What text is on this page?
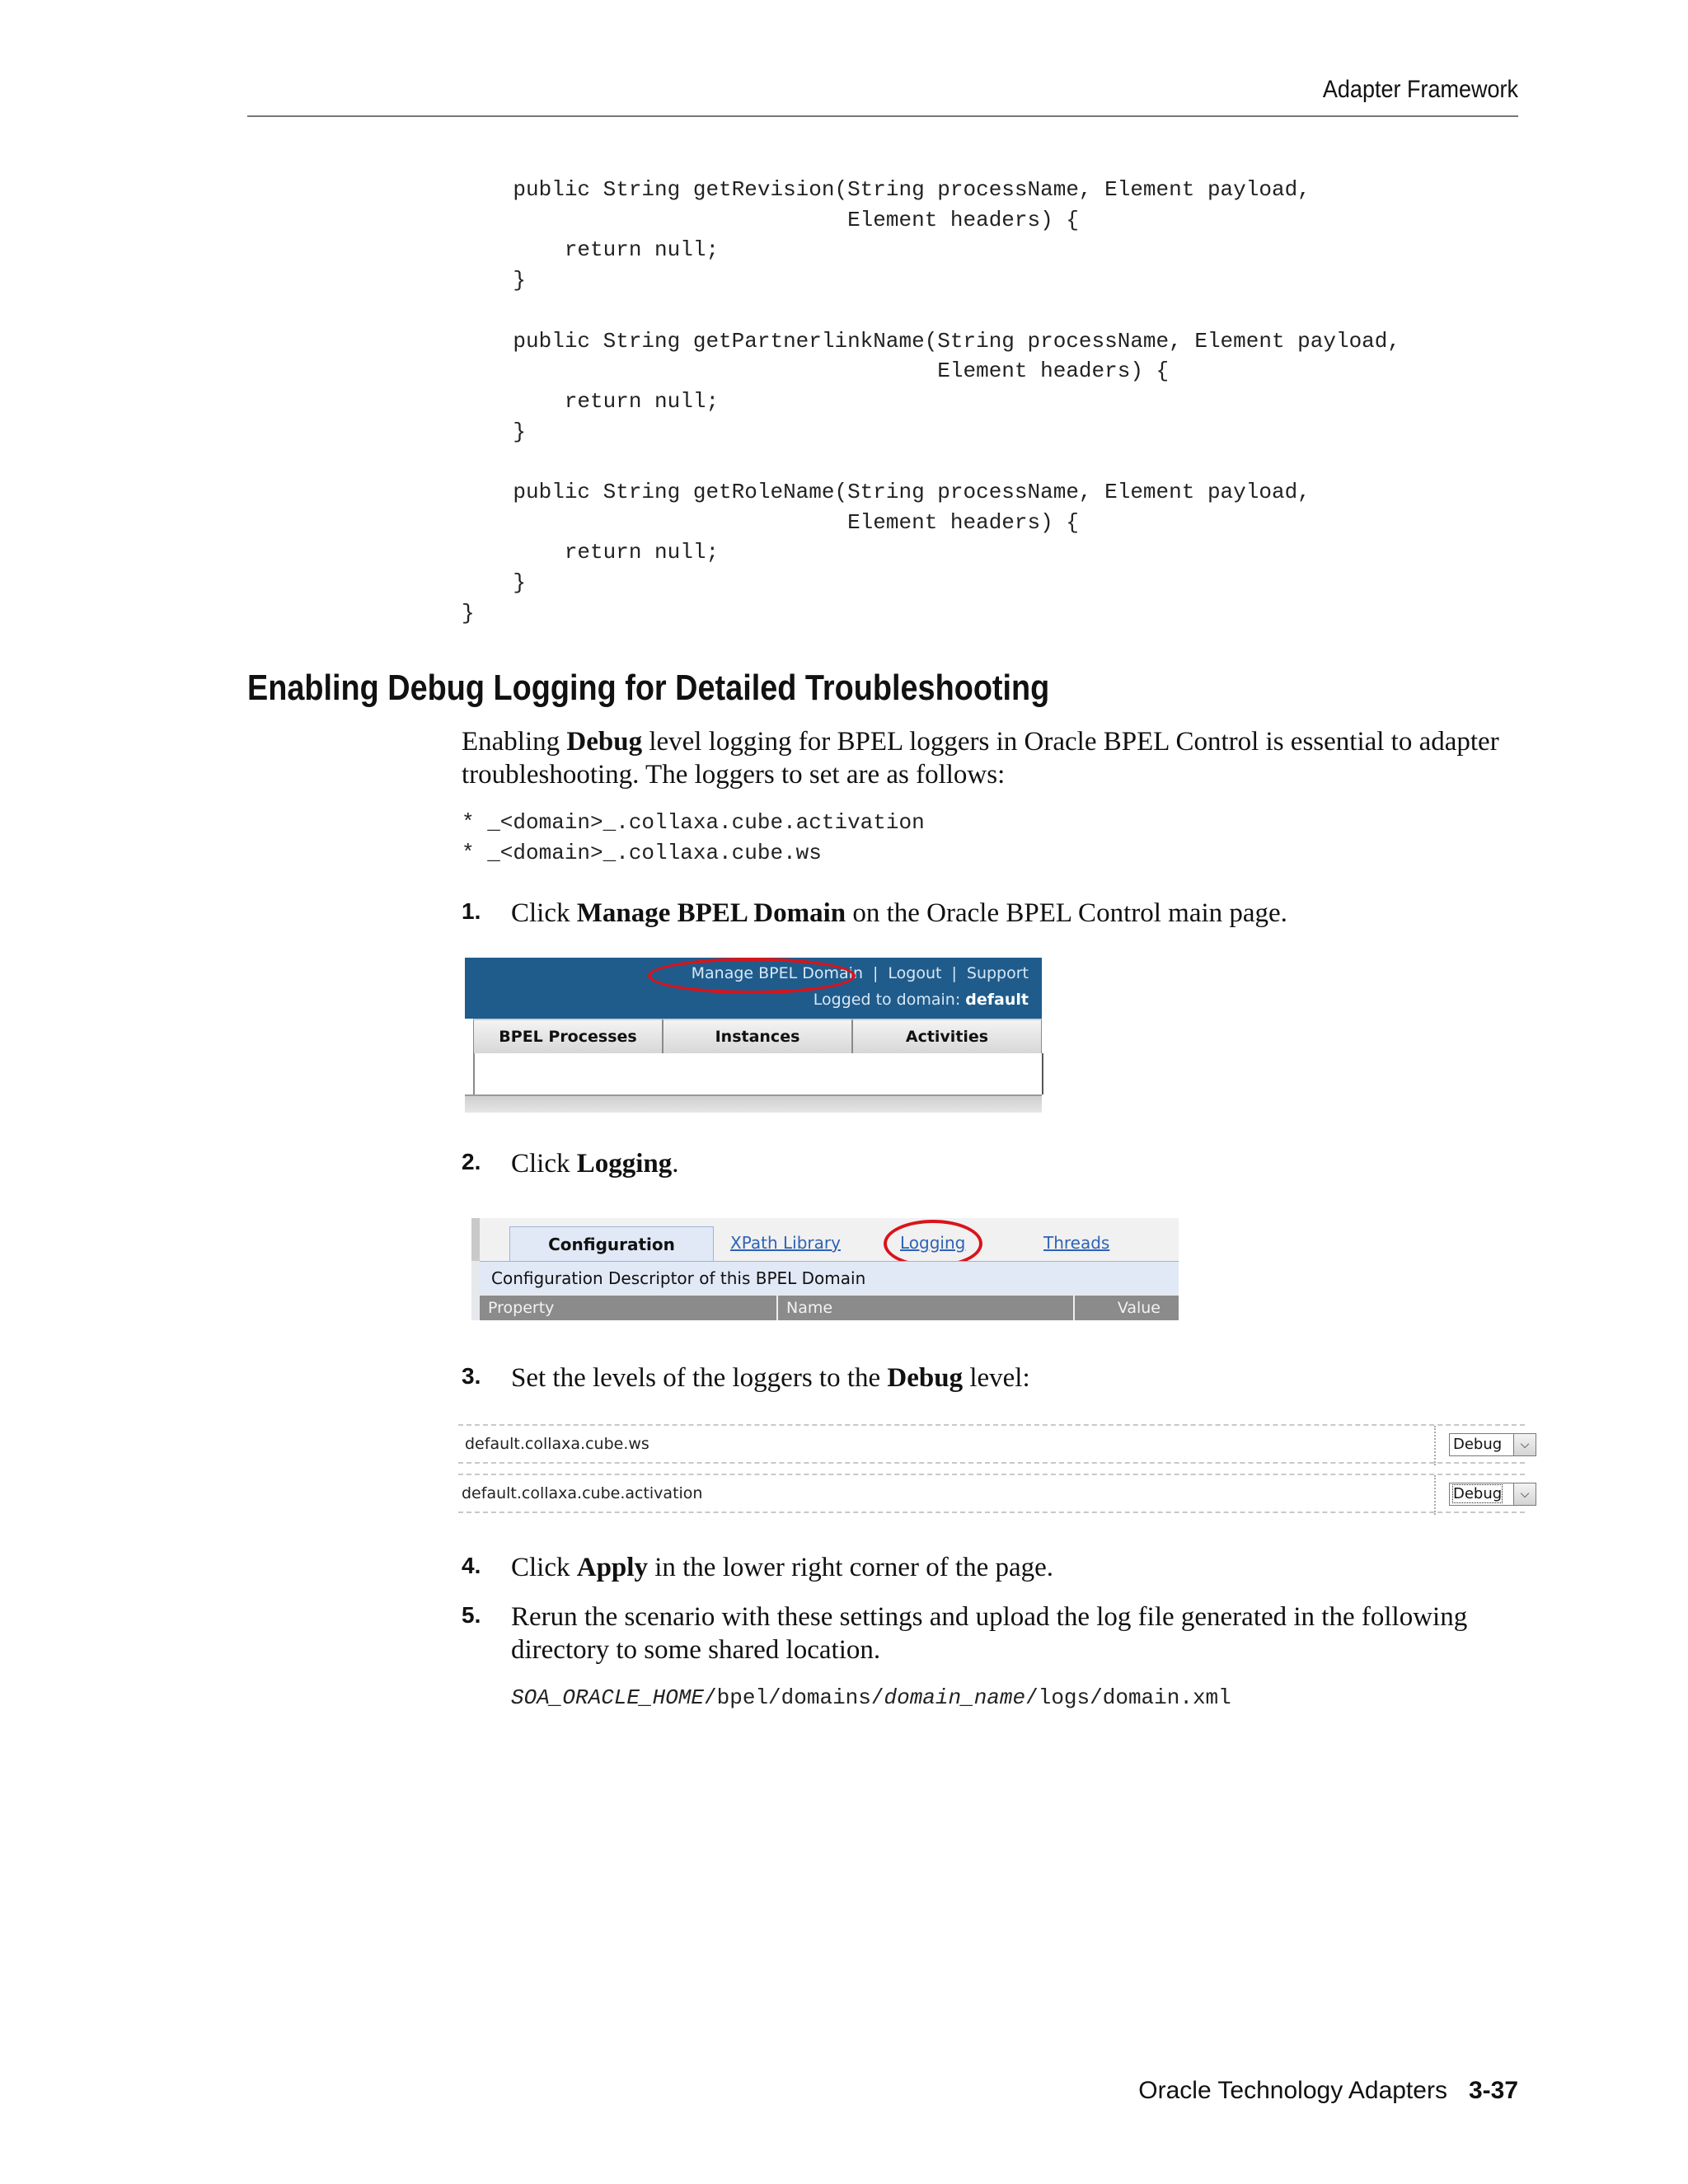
Adapter Framework
public String getRevision(String processName, Element payload,
Element headers) {
return null;
}

public String getPartnerlinkName(String processName, Element payload,
Element headers) {
return null;
}

public String getRoleName(String processName, Element payload,
Element headers) {
return null;
}
}
Enabling Debug Logging for Detailed Troubleshooting
Enabling Debug level logging for BPEL loggers in Oracle BPEL Control is essential to adapter troubleshooting. The loggers to set are as follows:
* _<domain>_.collaxa.cube.activation
* _<domain>_.collaxa.cube.ws
1. Click Manage BPEL Domain on the Oracle BPEL Control main page.
Manage BPEL Domain | Logout | Support
Logged to domain: default
BPEL Processes	Instances	Activities
2. Click Logging.
Configuration	XPath Library	Logging	Threads
Configuration Descriptor of this BPEL Domain
Property	Name	Value
3. Set the levels of the loggers to the Debug level:
default.collaxa.cube.ws	Debug	⌵
default.collaxa.cube.activation	Debug	⌵
4. Click Apply in the lower right corner of the page.
5. Rerun the scenario with these settings and upload the log file generated in the following directory to some shared location.
SOA_ORACLE_HOME/bpel/domains/domain_name/logs/domain.xml
Oracle Technology Adapters 3-37
